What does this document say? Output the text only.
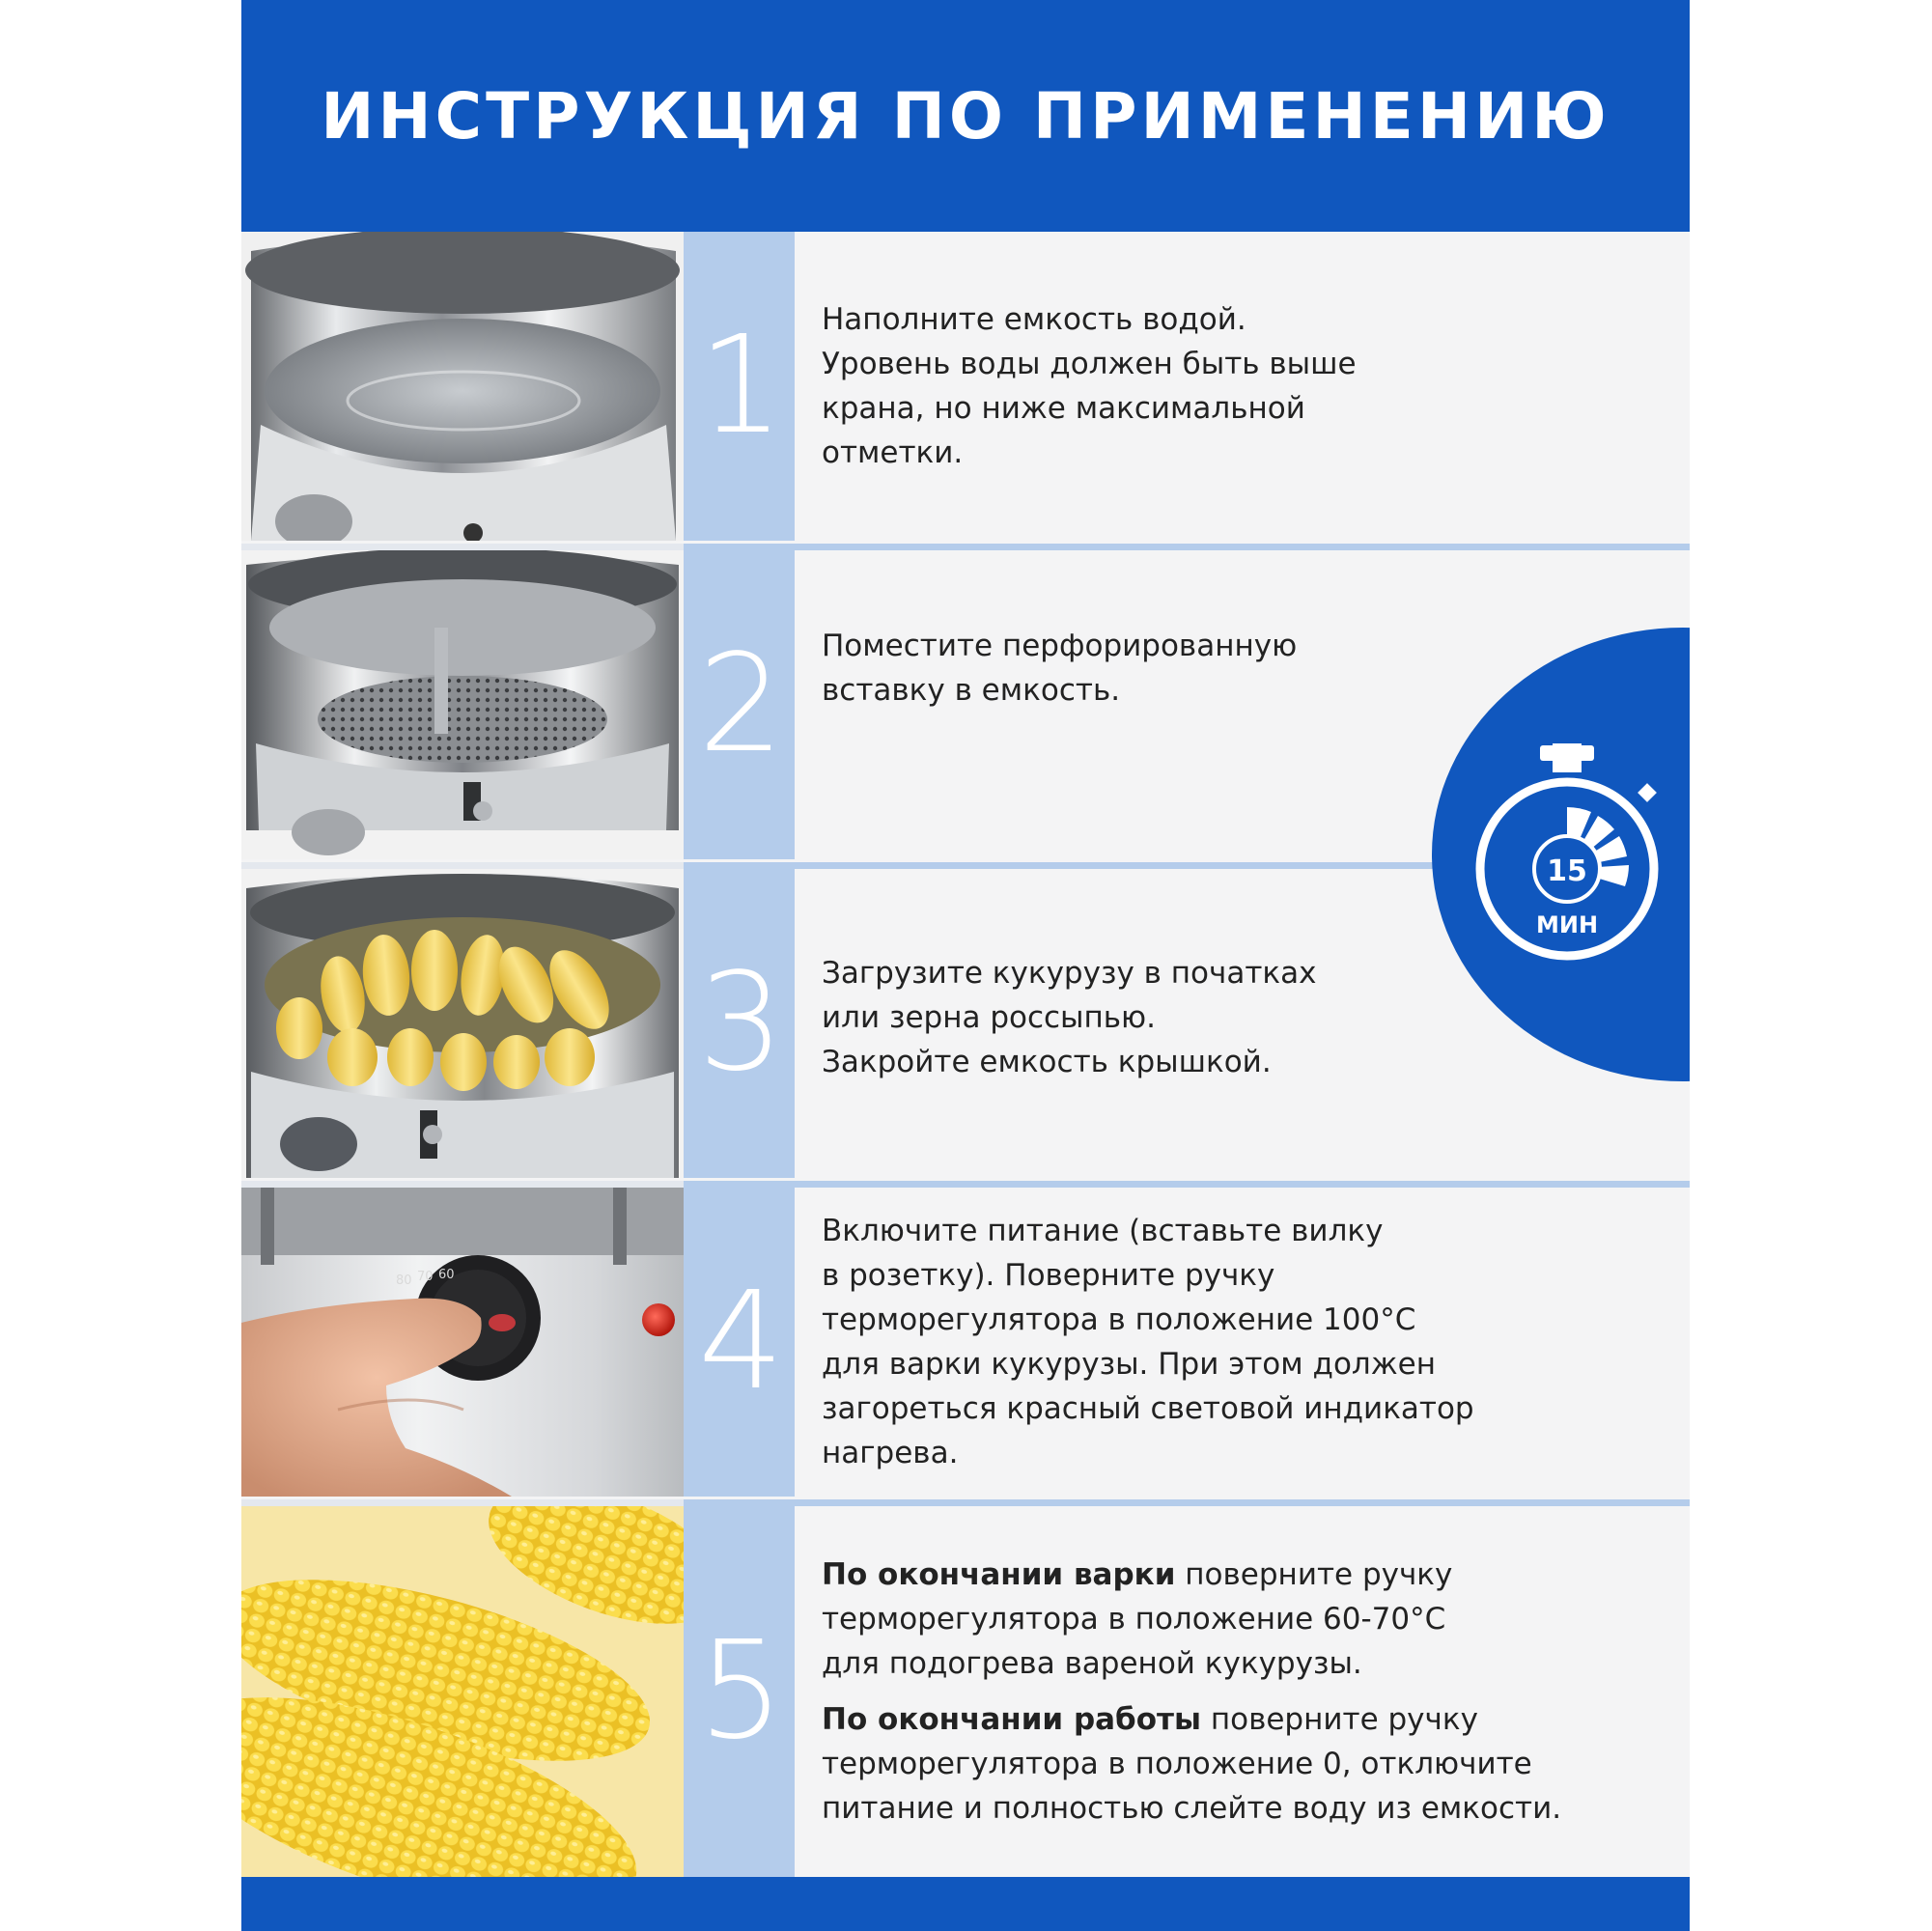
ИНСТРУКЦИЯ ПО ПРИМЕНЕНИЮ
1 Наполните емкость водой.
Уровень воды должен быть выше
крана, но ниже максимальной
отметки.

2 Поместите перфорированную
вставку в емкость.

3 Загрузите кукурузу в початках
или зерна россыпью.
Закройте емкость крышкой.

80 70 60 4

Включите питание (вставьте вилку
в розетку). Поверните ручку
терморегулятора в положение 100°С
для варки кукурузы. При этом должен
загореться красный световой индикатор
нагрева.

5

По окончании варки поверните ручку
терморегулятора в положение 60-70°С
для подогрева вареной кукурузы.

По окончании работы поверните ручку
терморегулятора в положение 0, отключите
питание и полностью слейте воду из емкости.

15
МИН
